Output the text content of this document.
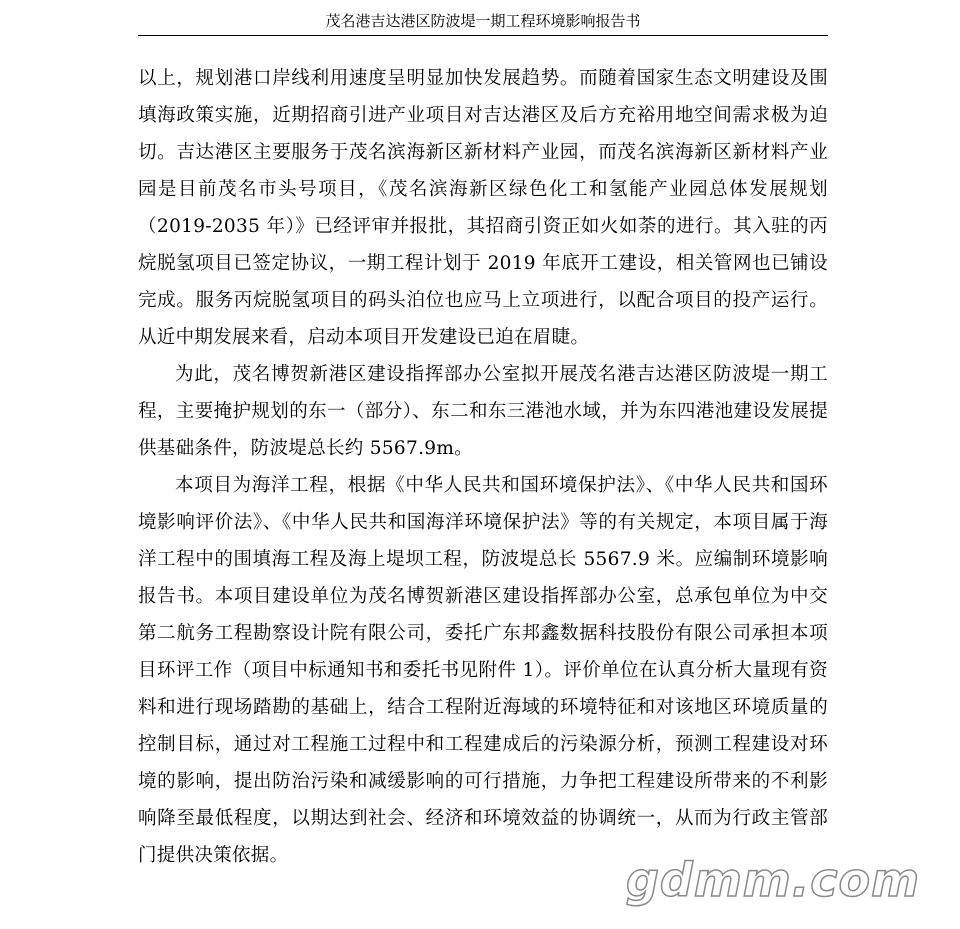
茂名港吉达港区防波堤一期工程环境影响报告书

以上，规划港口岸线利用速度呈明显加快发展趋势。而随着国家生态文明建设及围填海政策实施，近期招商引进产业项目对吉达港区及后方充裕用地空间需求极为迫切。吉达港区主要服务于茂名滨海新区新材料产业园，而茂名滨海新区新材料产业园是目前茂名市头号项目，《茂名滨海新区绿色化工和氢能产业园总体发展规划（2019-2035 年）》已经评审并报批，其招商引资正如火如荼的进行。其入驻的丙烷脱氢项目已签定协议，一期工程计划于 2019 年底开工建设，相关管网也已铺设完成。服务丙烷脱氢项目的码头泊位也应马上立项进行，以配合项目的投产运行。从近中期发展来看，启动本项目开发建设已迫在眉睫。

为此，茂名博贺新港区建设指挥部办公室拟开展茂名港吉达港区防波堤一期工程，主要掩护规划的东一（部分）、东二和东三港池水域，并为东四港池建设发展提供基础条件，防波堤总长约 5567.9m。

本项目为海洋工程，根据《中华人民共和国环境保护法》、《中华人民共和国环境影响评价法》、《中华人民共和国海洋环境保护法》等的有关规定，本项目属于海洋工程中的围填海工程及海上堤坝工程，防波堤总长 5567.9 米。应编制环境影响报告书。本项目建设单位为茂名博贺新港区建设指挥部办公室，总承包单位为中交第二航务工程勘察设计院有限公司，委托广东邦鑫数据科技股份有限公司承担本项目环评工作（项目中标通知书和委托书见附件 1）。评价单位在认真分析大量现有资料和进行现场踏勘的基础上，结合工程附近海域的环境特征和对该地区环境质量的控制目标，通过对工程施工过程中和工程建成后的污染源分析，预测工程建设对环境的影响，提出防治污染和减缓影响的可行措施，力争把工程建设所带来的不利影响降至最低程度，以期达到社会、经济和环境效益的协调统一，从而为行政主管部门提供决策依据。	gdmm.com
